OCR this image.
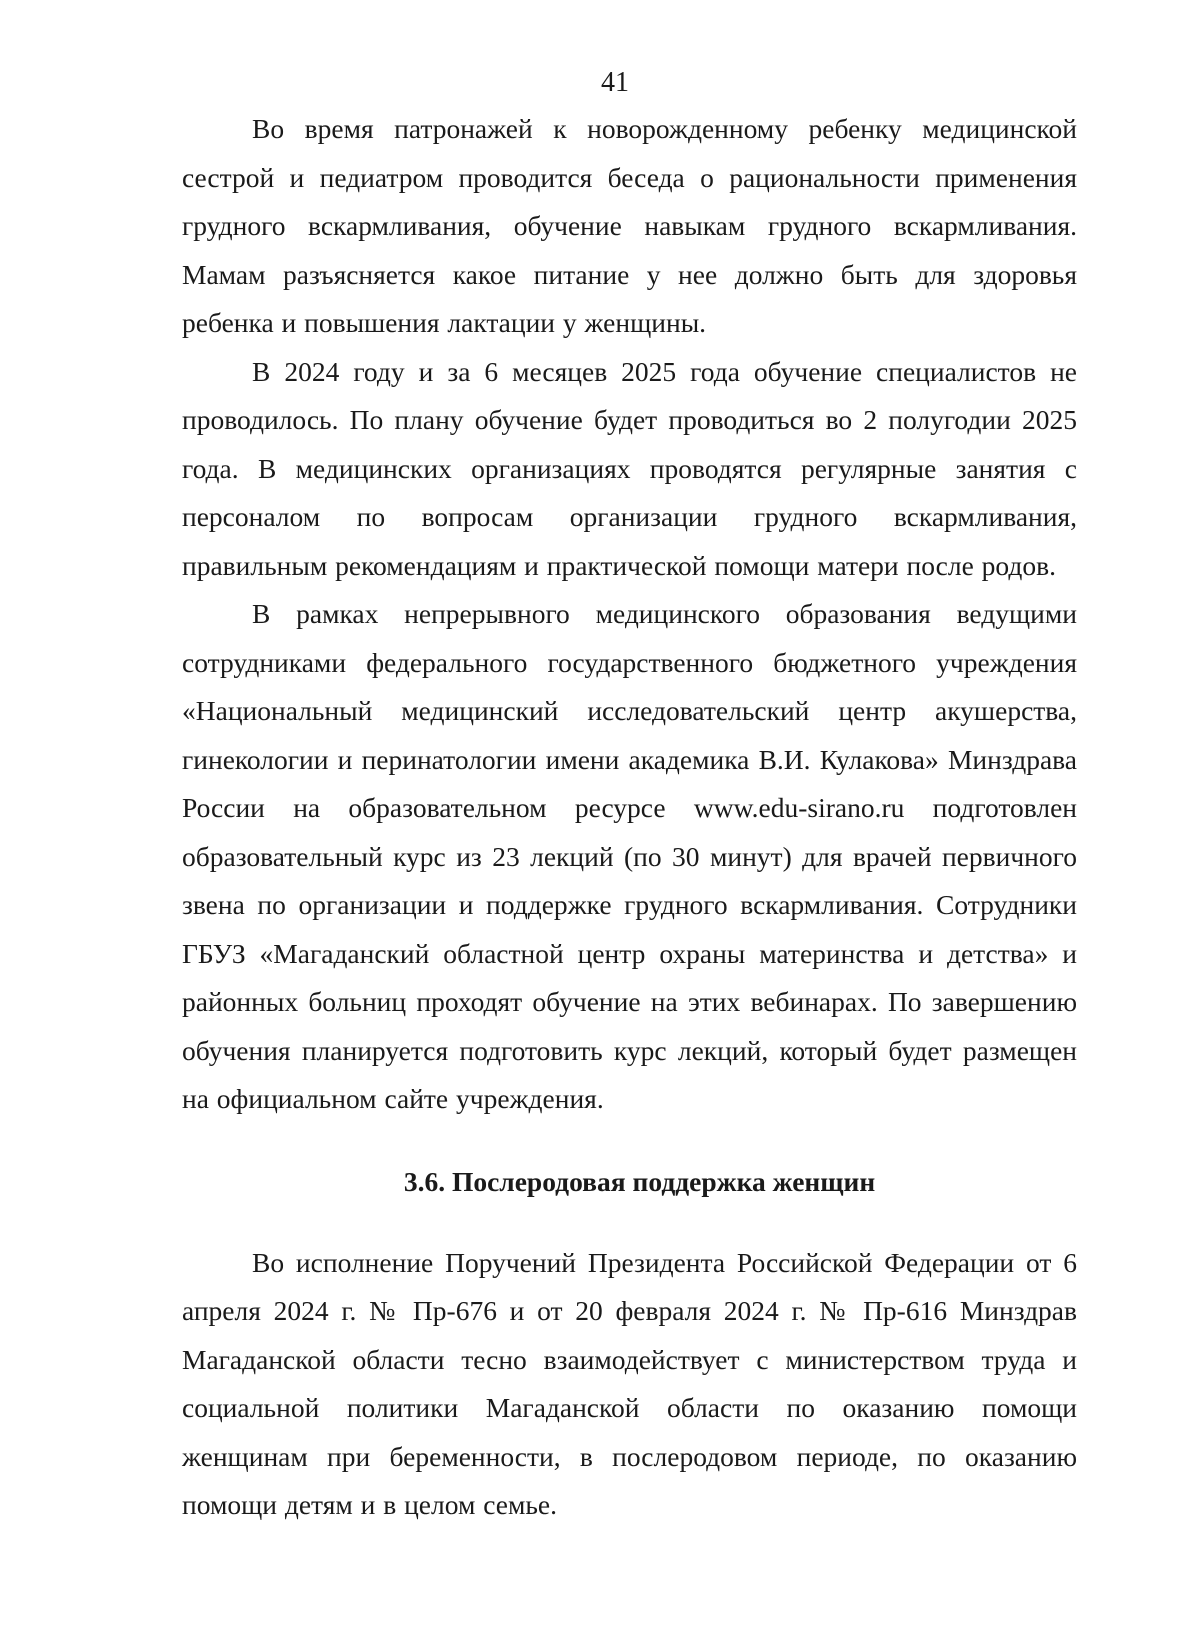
41

Во время патронажей к новорожденному ребенку медицинской сестрой и педиатром проводится беседа о рациональности применения грудного вскармливания, обучение навыкам грудного вскармливания. Мамам разъясняется какое питание у нее должно быть для здоровья ребенка и повышения лактации у женщины.

В 2024 году и за 6 месяцев 2025 года обучение специалистов не проводилось. По плану обучение будет проводиться во 2 полугодии 2025 года. В медицинских организациях проводятся регулярные занятия с персоналом по вопросам организации грудного вскармливания, правильным рекомендациям и практической помощи матери после родов.

В рамках непрерывного медицинского образования ведущими сотрудниками федерального государственного бюджетного учреждения «Национальный медицинский исследовательский центр акушерства, гинекологии и перинатологии имени академика В.И. Кулакова» Минздрава России на образовательном ресурсе www.edu-sirano.ru подготовлен образовательный курс из 23 лекций (по 30 минут) для врачей первичного звена по организации и поддержке грудного вскармливания. Сотрудники ГБУЗ «Магаданский областной центр охраны материнства и детства» и районных больниц проходят обучение на этих вебинарах. По завершению обучения планируется подготовить курс лекций, который будет размещен на официальном сайте учреждения.

3.6. Послеродовая поддержка женщин

Во исполнение Поручений Президента Российской Федерации от 6 апреля 2024 г. № Пр-676 и от 20 февраля 2024 г. № Пр-616 Минздрав Магаданской области тесно взаимодействует с министерством труда и социальной политики Магаданской области по оказанию помощи женщинам при беременности, в послеродовом периоде, по оказанию помощи детям и в целом семье.
